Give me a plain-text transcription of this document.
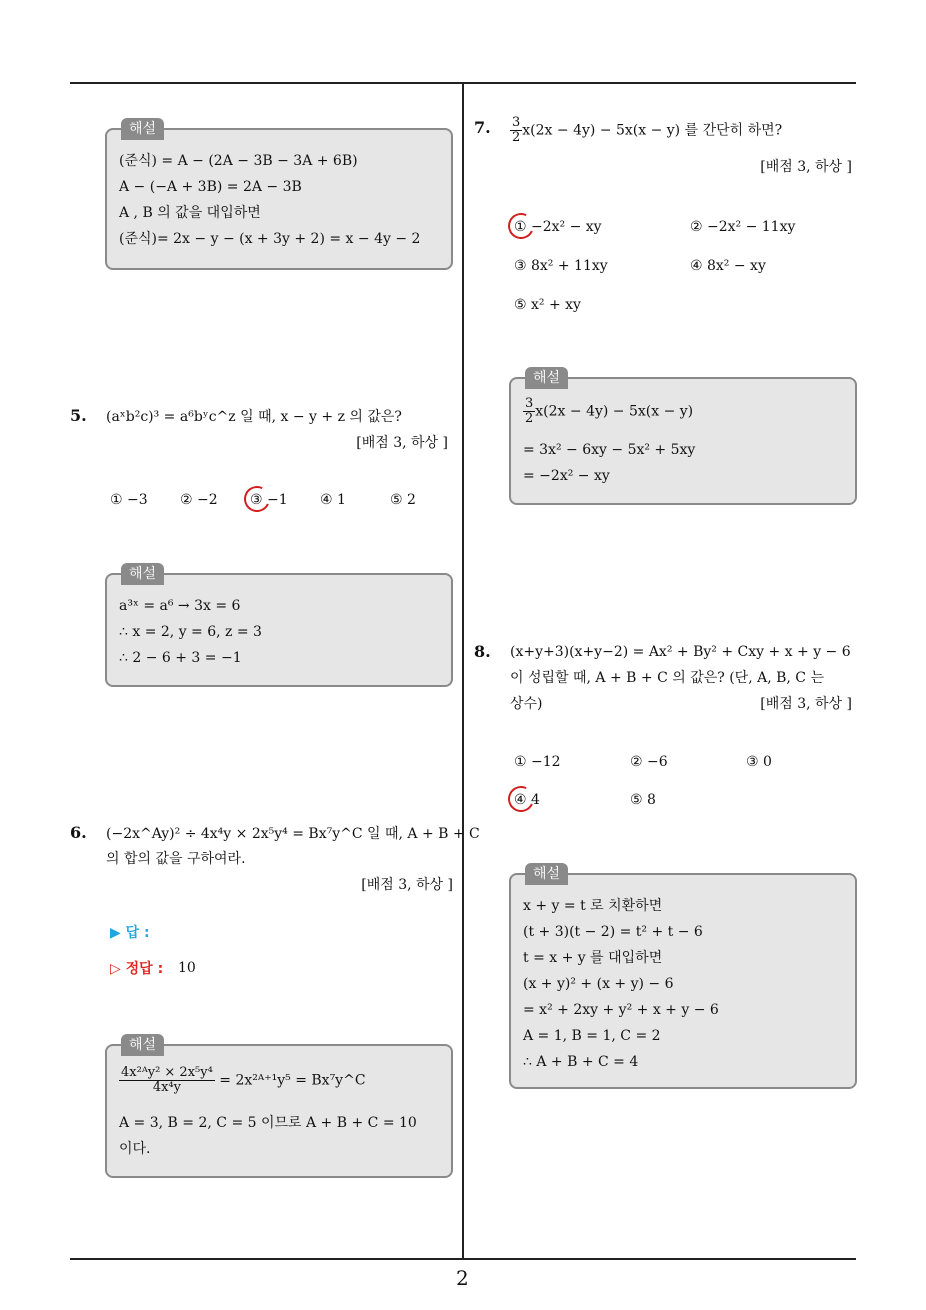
해설
(준식) = A − (2A − 3B − 3A + 6B)
A − (−A + 3B) = 2A − 3B
A , B 의 값을 대입하면
(준식)= 2x − y − (x + 3y + 2) = x − 4y − 2
5. (aˣb²c)³ = a⁶bʸc^z 일 때, x − y + z 의 값은?
[배점 3, 하상 ]
① −3 ② −2 ③ −1 ④ 1	⑤ 2
해설
a³ˣ = a⁶ → 3x = 6
∴ x = 2, y = 6, z = 3
∴ 2 − 6 + 3 = −1
6. (−2x^Ay)² ÷ 4x⁴y × 2x⁵y⁴ = Bx⁷y^C 일 때, A + B + C
의 합의 값을 구하여라.
[배점 3, 하상 ]
▶ 답 :
▷ 정답 : 10
해설
$\frac{\text{4x²ᴬy² × 2x⁵y⁴}}{\text{4x⁴y}}$ = 2x²ᴬ⁺¹y⁵ = Bx⁷y^C
A = 3, B = 2, C = 5 이므로 A + B + C = 10
이다.
7. $\frac{3}{2} x(2x - 4y) - 5x(x - y)$ 를 간단히 하면?
[배점 3, 하상 ]
① −2x² − xy	② −2x² − 11xy
③ 8x² + 11xy	④ 8x² − xy
⑤ x² + xy
해설
$\frac{3}{2} x(2x - 4y) - 5x(x - y)$
= 3x² − 6xy − 5x² + 5xy
= −2x² − xy
8. (x+y+3)(x+y−2) = Ax² + By² + Cxy + x + y − 6
이 성립할 때, A + B + C 의 값은? (단, A, B, C 는
상수)	[배점 3, 하상 ]
① −12	② −6	③ 0
④ 4	⑤ 8
해설
x + y = t 로 치환하면
(t + 3)(t − 2) = t² + t − 6
t = x + y 를 대입하면
(x + y)² + (x + y) − 6
= x² + 2xy + y² + x + y − 6
A = 1, B = 1, C = 2
∴ A + B + C = 4
2
